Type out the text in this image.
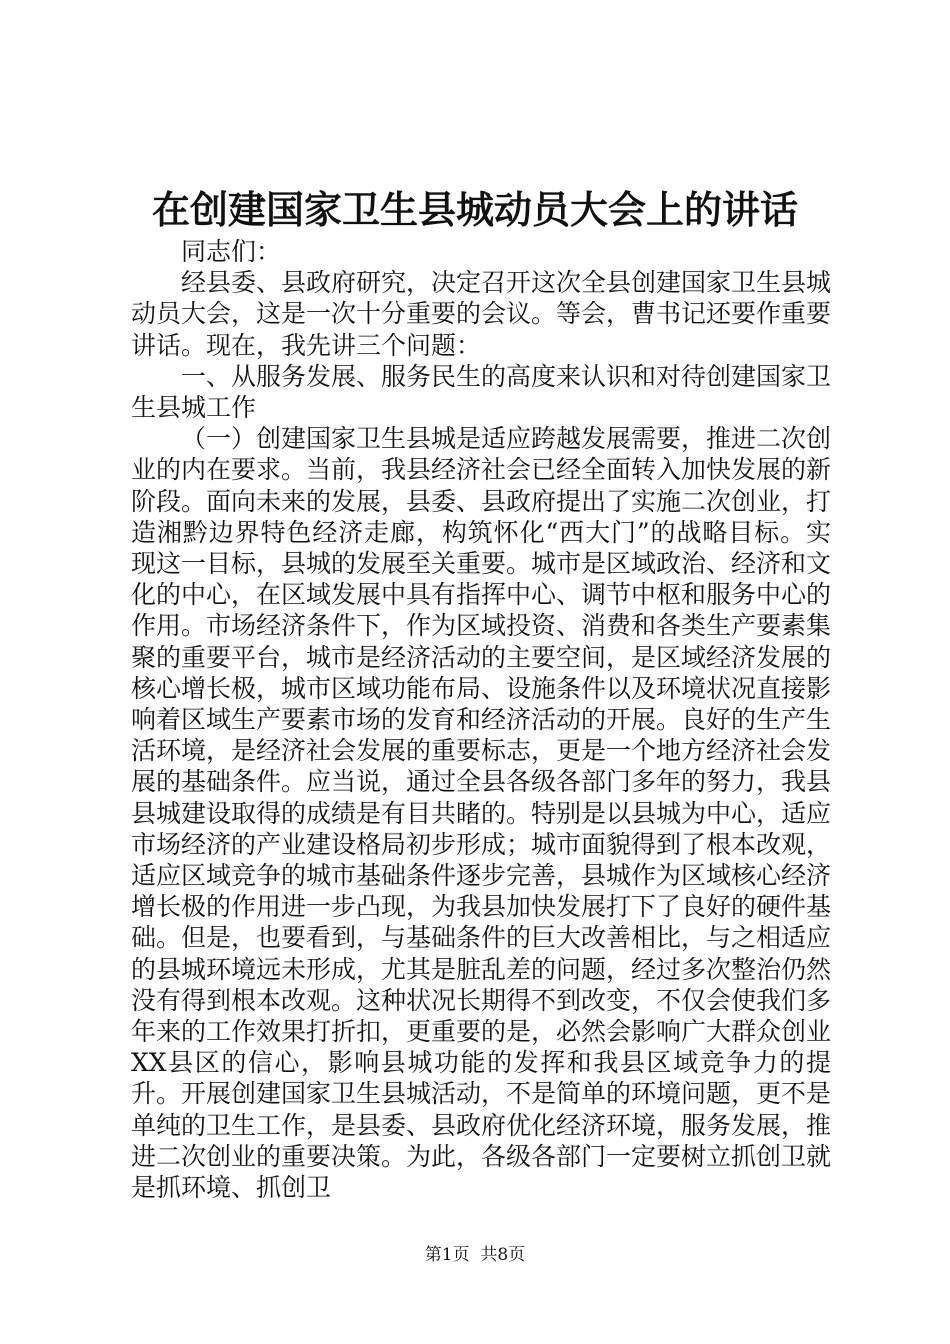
在创建国家卫生县城动员大会上的讲话

同志们：

经县委、县政府研究，决定召开这次全县创建国家卫生县城动员大会，这是一次十分重要的会议。等会，曹书记还要作重要讲话。现在，我先讲三个问题：

一、从服务发展、服务民生的高度来认识和对待创建国家卫生县城工作

（一）创建国家卫生县城是适应跨越发展需要，推进二次创业的内在要求。当前，我县经济社会已经全面转入加快发展的新阶段。面向未来的发展，县委、县政府提出了实施二次创业，打造湘黔边界特色经济走廊，构筑怀化“西大门”的战略目标。实现这一目标，县城的发展至关重要。城市是区域政治、经济和文化的中心，在区域发展中具有指挥中心、调节中枢和服务中心的作用。市场经济条件下，作为区域投资、消费和各类生产要素集聚的重要平台，城市是经济活动的主要空间，是区域经济发展的核心增长极，城市区域功能布局、设施条件以及环境状况直接影响着区域生产要素市场的发育和经济活动的开展。良好的生产生活环境，是经济社会发展的重要标志，更是一个地方经济社会发展的基础条件。应当说，通过全县各级各部门多年的努力，我县县城建设取得的成绩是有目共睹的。特别是以县城为中心，适应市场经济的产业建设格局初步形成；城市面貌得到了根本改观，适应区域竞争的城市基础条件逐步完善，县城作为区域核心经济增长极的作用进一步凸现，为我县加快发展打下了良好的硬件基础。但是，也要看到，与基础条件的巨大改善相比，与之相适应的县城环境远未形成，尤其是脏乱差的问题，经过多次整治仍然没有得到根本改观。这种状况长期得不到改变，不仅会使我们多年来的工作效果打折扣，更重要的是，必然会影响广大群众创业XX县区的信心，影响县城功能的发挥和我县区域竞争力的提升。开展创建国家卫生县城活动，不是简单的环境问题，更不是单纯的卫生工作，是县委、县政府优化经济环境，服务发展，推进二次创业的重要决策。为此，各级各部门一定要树立抓创卫就是抓环境、抓创卫

第1页 共8页
